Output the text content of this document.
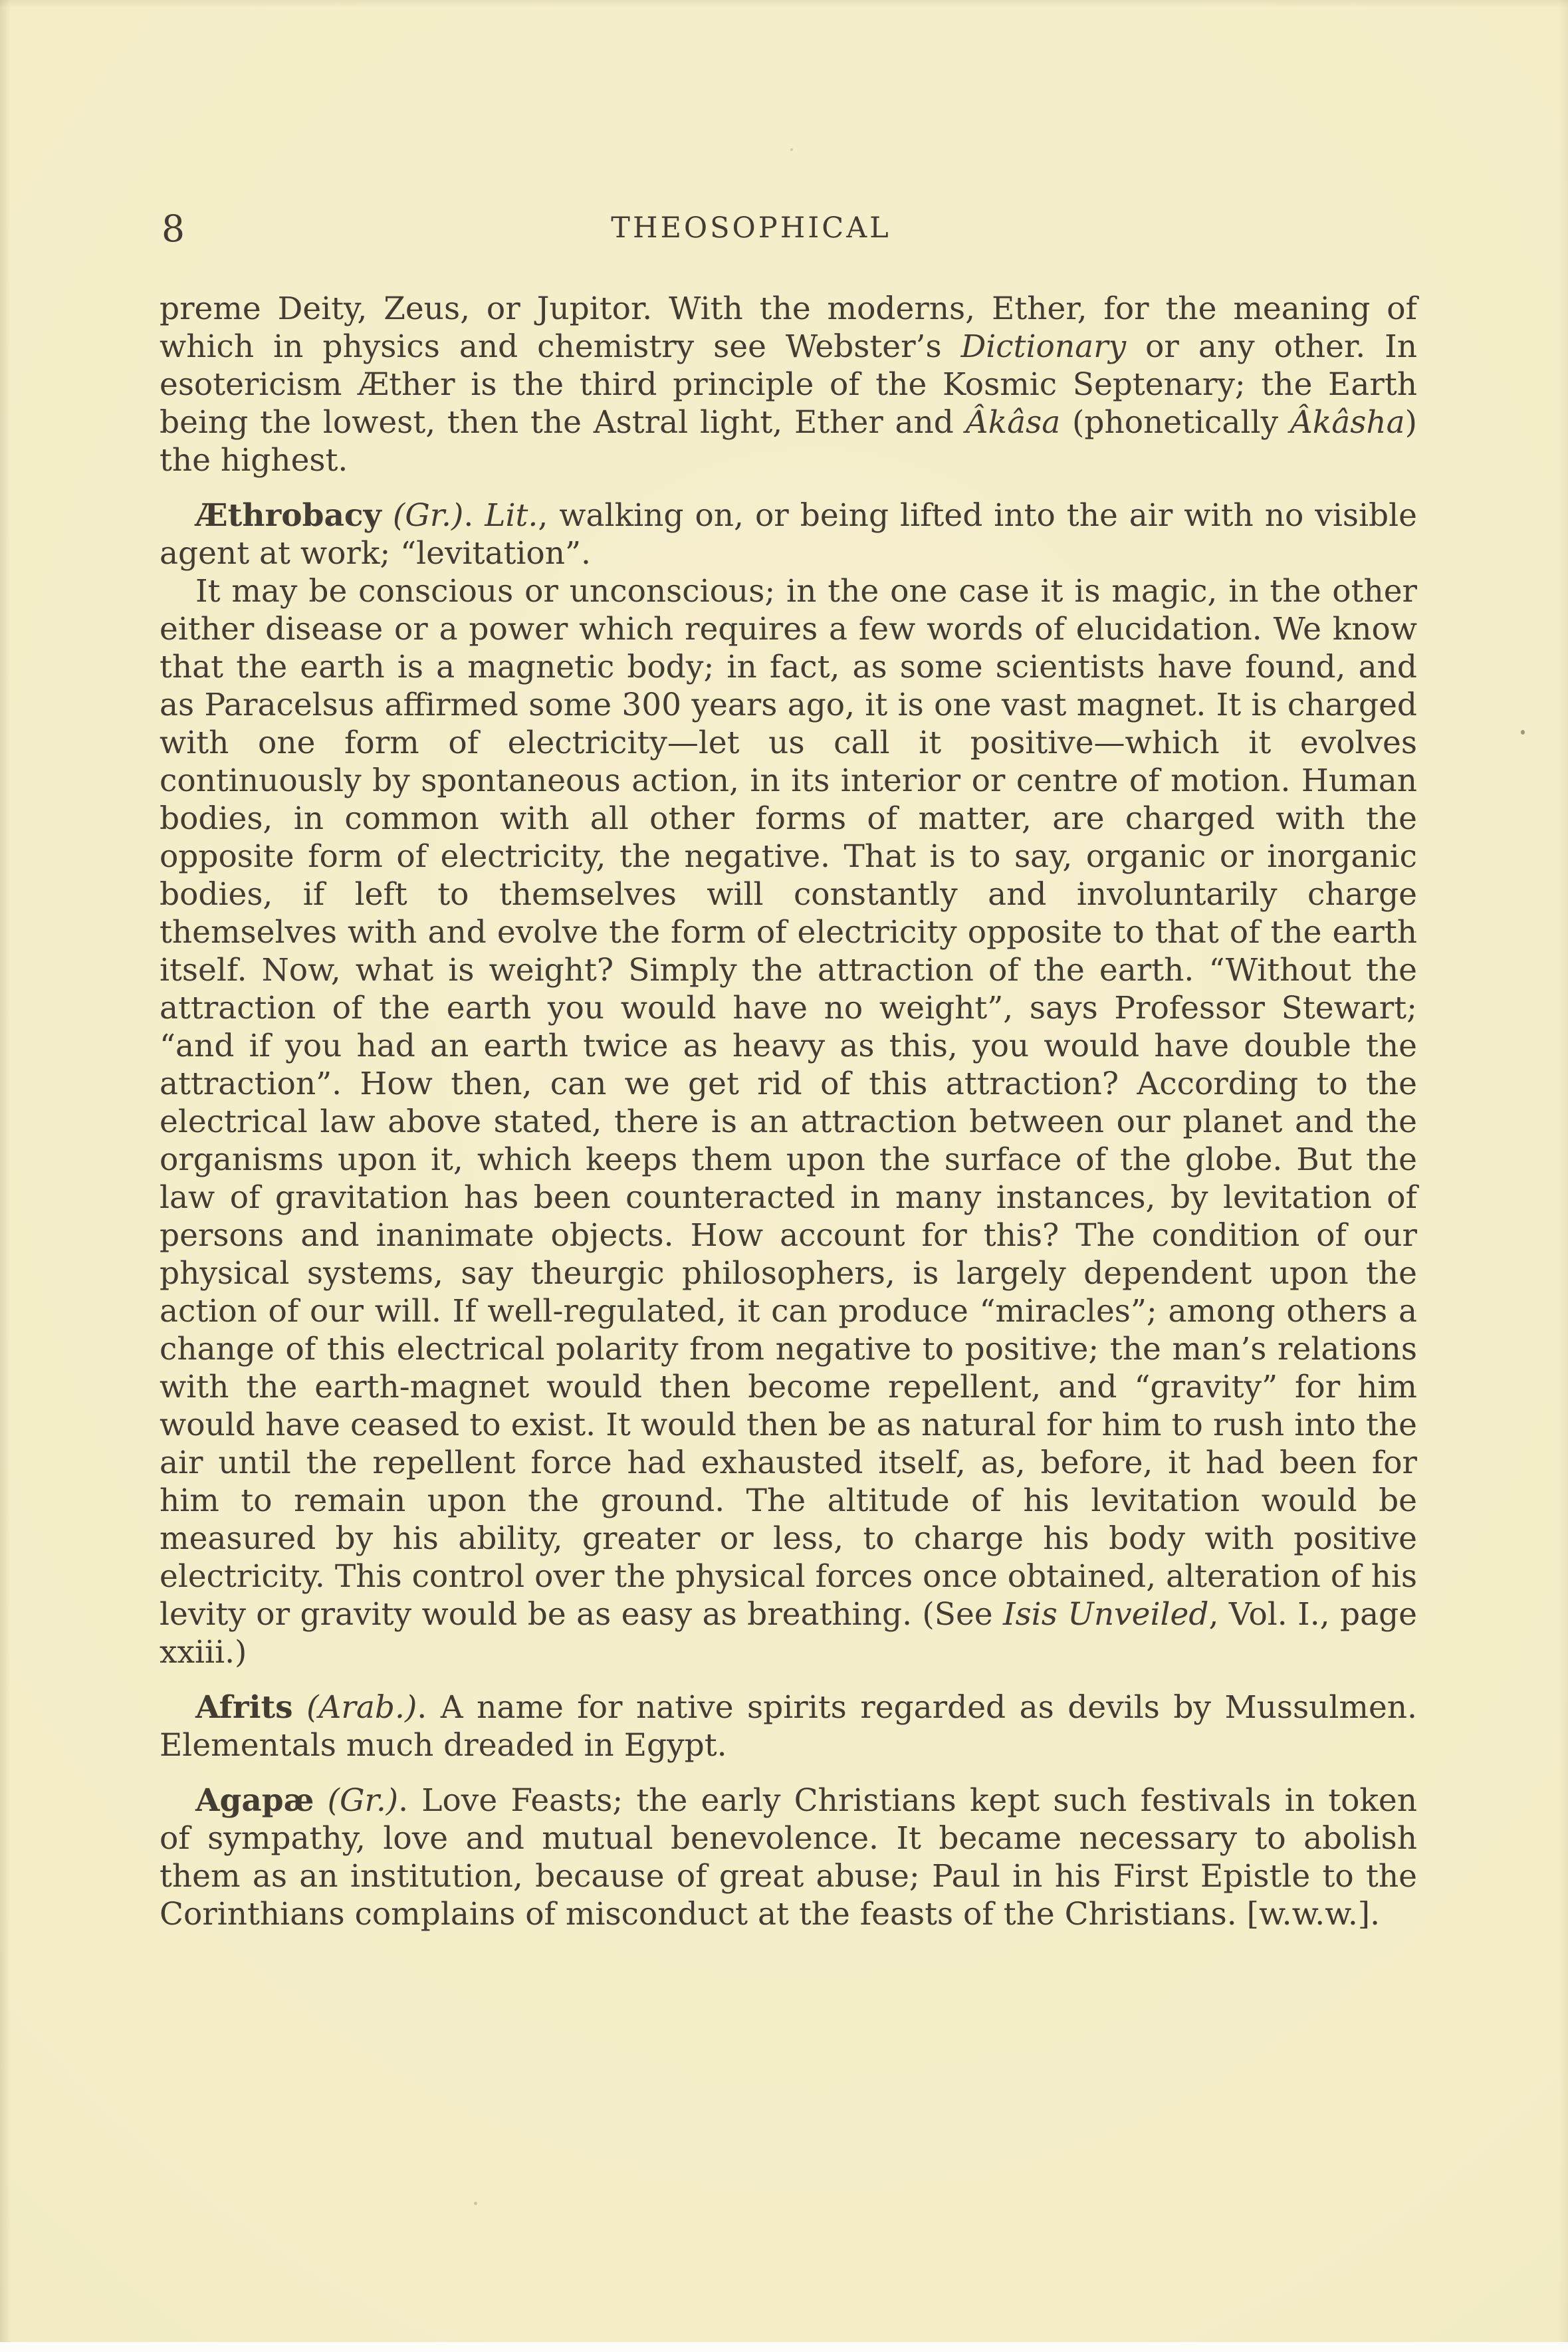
8	THEOSOPHICAL

preme Deity, Zeus, or Jupitor. With the moderns, Ether, for the meaning of which in physics and chemistry see Webster’s Dictionary or any other. In esotericism Æther is the third principle of the Kosmic Septenary; the Earth being the lowest, then the Astral light, Ether and Âkâsa (phonetically Âkâsha) the highest.

Æthrobacy (Gr.). Lit., walking on, or being lifted into the air with no visible agent at work; “levitation”.

It may be conscious or unconscious; in the one case it is magic, in the other either disease or a power which requires a few words of elucidation. We know that the earth is a magnetic body; in fact, as some scientists have found, and as Paracelsus affirmed some 300 years ago, it is one vast magnet. It is charged with one form of electricity—let us call it positive—which it evolves continuously by spontaneous action, in its interior or centre of motion. Human bodies, in common with all other forms of matter, are charged with the opposite form of electricity, the negative. That is to say, organic or inorganic bodies, if left to themselves will constantly and involuntarily charge themselves with and evolve the form of electricity opposite to that of the earth itself. Now, what is weight? Simply the attraction of the earth. “Without the attraction of the earth you would have no weight”, says Professor Stewart; “and if you had an earth twice as heavy as this, you would have double the attraction”. How then, can we get rid of this attraction? According to the electrical law above stated, there is an attraction between our planet and the organisms upon it, which keeps them upon the surface of the globe. But the law of gravitation has been counteracted in many instances, by levitation of persons and inanimate objects. How account for this? The condition of our physical systems, say theurgic philosophers, is largely dependent upon the action of our will. If well-regulated, it can produce “miracles”; among others a change of this electrical polarity from negative to positive; the man’s relations with the earth-magnet would then become repellent, and “gravity” for him would have ceased to exist. It would then be as natural for him to rush into the air until the repellent force had exhausted itself, as, before, it had been for him to remain upon the ground. The altitude of his levitation would be measured by his ability, greater or less, to charge his body with positive electricity. This control over the physical forces once obtained, alteration of his levity or gravity would be as easy as breathing. (See Isis Unveiled, Vol. I., page xxiii.)

Afrits (Arab.). A name for native spirits regarded as devils by Mussulmen. Elementals much dreaded in Egypt.

Agapæ (Gr.). Love Feasts; the early Christians kept such festivals in token of sympathy, love and mutual benevolence. It became necessary to abolish them as an institution, because of great abuse; Paul in his First Epistle to the Corinthians complains of misconduct at the feasts of the Christians. [w.w.w.].
